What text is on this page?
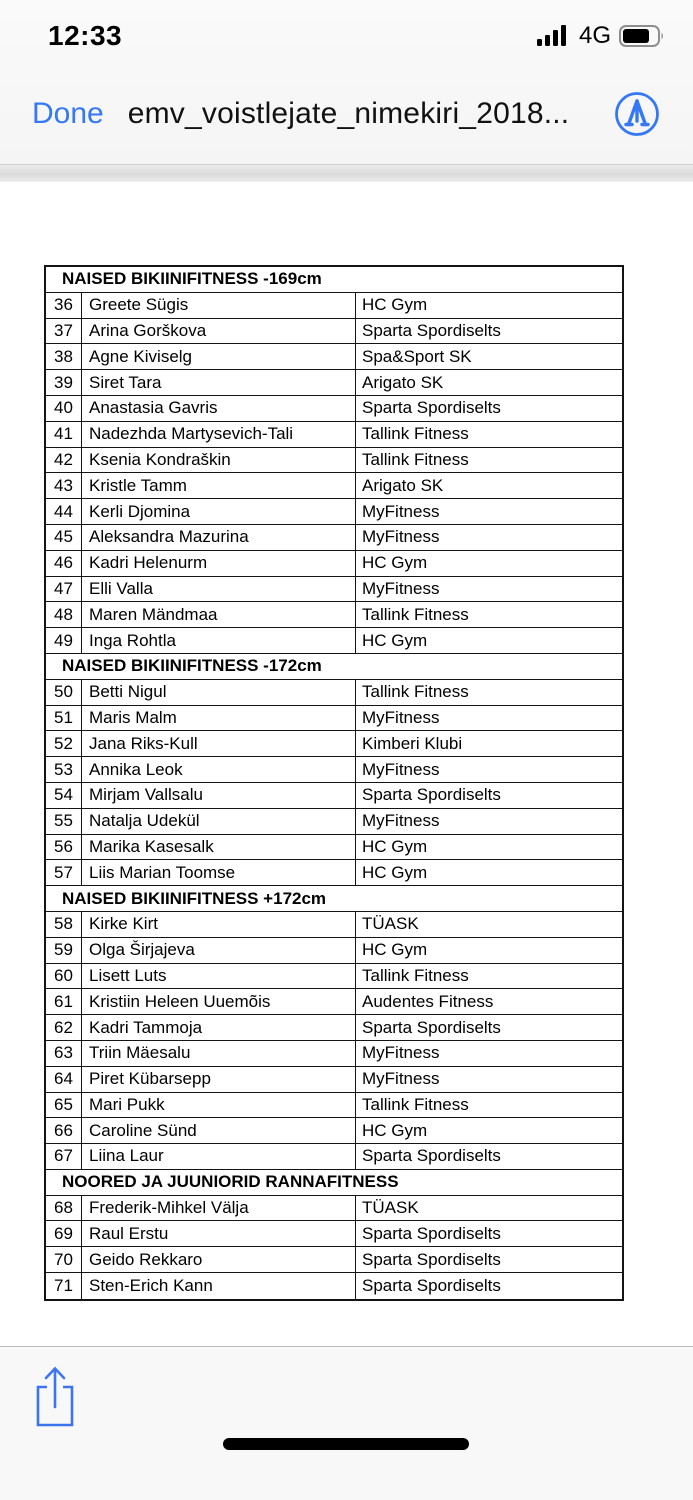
12:33	4G
Done emv_voistlejate_nimekiri_2018...
NAISED BIKIINIFITNESS -169cm
36 Greete Sügis	HC Gym
37 Arina Gorškova	Sparta Spordiselts
38 Agne Kiviselg	Spa&Sport SK
39 Siret Tara	Arigato SK
40 Anastasia Gavris	Sparta Spordiselts
41 Nadezhda Martysevich-Tali	Tallink Fitness
42 Ksenia Kondraškin	Tallink Fitness
43 Kristle Tamm	Arigato SK
44 Kerli Djomina	MyFitness
45 Aleksandra Mazurina	MyFitness
46 Kadri Helenurm	HC Gym
47 Elli Valla	MyFitness
48 Maren Mändmaa	Tallink Fitness
49 Inga Rohtla	HC Gym
NAISED BIKIINIFITNESS -172cm
50 Betti Nigul	Tallink Fitness
51 Maris Malm	MyFitness
52 Jana Riks-Kull	Kimberi Klubi
53 Annika Leok	MyFitness
54 Mirjam Vallsalu	Sparta Spordiselts
55 Natalja Udekül	MyFitness
56 Marika Kasesalk	HC Gym
57 Liis Marian Toomse	HC Gym
NAISED BIKIINIFITNESS +172cm
58 Kirke Kirt	TÜASK
59 Olga Širjajeva	HC Gym
60 Lisett Luts	Tallink Fitness
61 Kristiin Heleen Uuemõis	Audentes Fitness
62 Kadri Tammoja	Sparta Spordiselts
63 Triin Mäesalu	MyFitness
64 Piret Kübarsepp	MyFitness
65 Mari Pukk	Tallink Fitness
66 Caroline Sünd	HC Gym
67 Liina Laur	Sparta Spordiselts
NOORED JA JUUNIORID RANNAFITNESS
68 Frederik-Mihkel Välja	TÜASK
69 Raul Erstu	Sparta Spordiselts
70 Geido Rekkaro	Sparta Spordiselts
71 Sten-Erich Kann	Sparta Spordiselts
